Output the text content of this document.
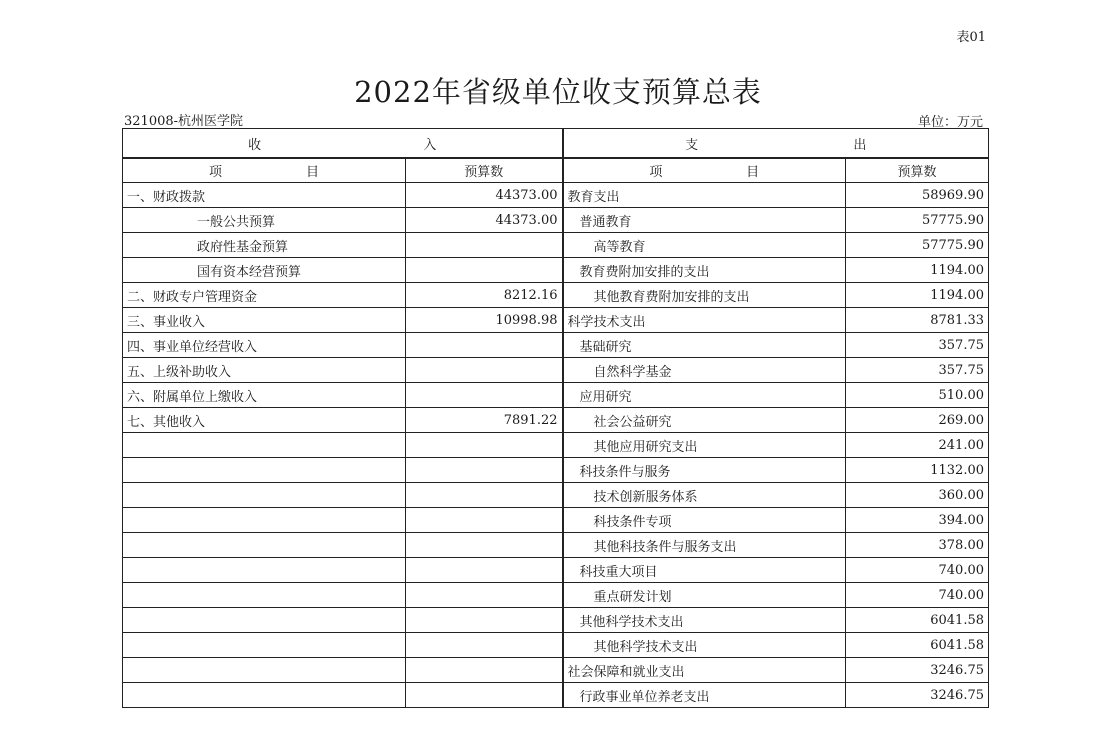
表01
2022年省级单位收支预算总表
321008-杭州医学院	单位：万元
收 入		支 出	

项 目	预算数	项 目	预算数
一、财政拨款	44373.00	教育支出	58969.90
一般公共预算	44373.00	普通教育	57775.90
政府性基金预算		高等教育	57775.90
国有资本经营预算		教育费附加安排的支出	1194.00
二、财政专户管理资金	8212.16	其他教育费附加安排的支出	1194.00
三、事业收入	10998.98	科学技术支出	8781.33
四、事业单位经营收入		基础研究	357.75
五、上级补助收入		自然科学基金	357.75
六、附属单位上缴收入		应用研究	510.00
七、其他收入	7891.22	社会公益研究	269.00
		其他应用研究支出	241.00
		科技条件与服务	1132.00
		技术创新服务体系	360.00
		科技条件专项	394.00
		其他科技条件与服务支出	378.00
		科技重大项目	740.00
		重点研发计划	740.00
		其他科学技术支出	6041.58
		其他科学技术支出	6041.58
		社会保障和就业支出	3246.75
		行政事业单位养老支出	3246.75
